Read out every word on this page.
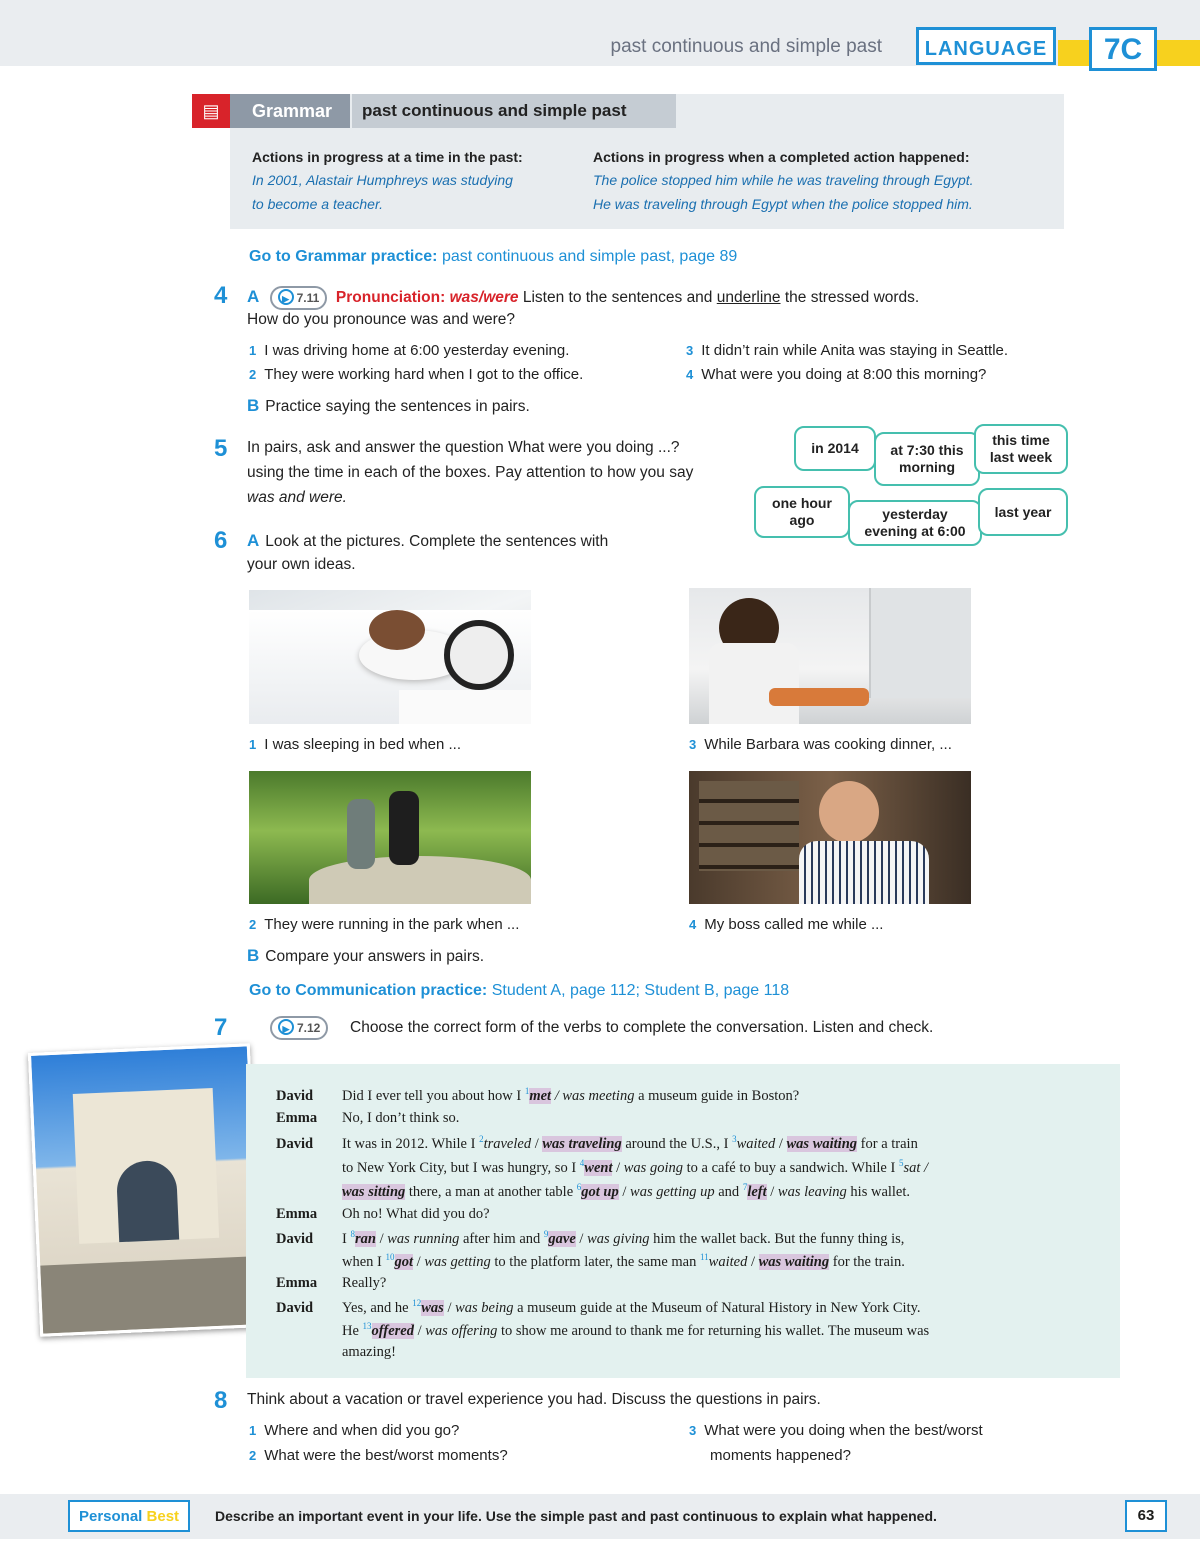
past continuous and simple past	LANGUAGE	7C
▤	Grammar	past continuous and simple past
Actions in progress at a time in the past:
In 2001, Alastair Humphreys was studying
to become a teacher.
Actions in progress when a completed action happened:
The police stopped him while he was traveling through Egypt.
He was traveling through Egypt when the police stopped him.
Go to Grammar practice: past continuous and simple past, page 89
4 A	▶ 7.11 Pronunciation: was/were Listen to the sentences and underline the stressed words.
How do you pronounce was and were?
1 I was driving home at 6:00 yesterday evening.
2 They were working hard when I got to the office.
3 It didn’t rain while Anita was staying in Seattle.
4 What were you doing at 8:00 this morning?
B Practice saying the sentences in pairs.
5 In pairs, ask and answer the question What were you doing ...?
using the time in each of the boxes. Pay attention to how you say
was and were.
in 2014 at 7:30 this
morning
this time
last week
one hour
ago	yesterday
evening at 6:00
last year
6 A Look at the pictures. Complete the sentences with
your own ideas.
1 I was sleeping in bed when ...
2 They were running in the park when ...
3 While Barbara was cooking dinner, ...
4 My boss called me while ...
B Compare your answers in pairs.
Go to Communication practice: Student A, page 112; Student B, page 118
7	▶ 7.12	Choose the correct form of the verbs to complete the conversation. Listen and check.
David Did I ever tell you about how I $^1$met / was meeting a museum guide in Boston?
Emma No, I don’t think so.
David It was in 2012. While I $^2$traveled / was traveling around the U.S., I $^3$waited / was waiting for a train
to New York City, but I was hungry, so I $^4$went / was going to a café to buy a sandwich. While I $^5$sat /
was sitting there, a man at another table $^6$got up / was getting up and $^7$left / was leaving his wallet.
Emma Oh no! What did you do?
David I $^8$ran / was running after him and $^9$gave / was giving him the wallet back. But the funny thing is,
when I $^{10}$got / was getting to the platform later, the same man $^{11}$waited / was waiting for the train.
Emma Really?
David Yes, and he $^{12}$was / was being a museum guide at the Museum of Natural History in New York City.
He $^{13}$offered / was offering to show me around to thank me for returning his wallet. The museum was
amazing!
8 Think about a vacation or travel experience you had. Discuss the questions in pairs.
1 Where and when did you go?
2 What were the best/worst moments?
3 What were you doing when the best/worst
moments happened?
Personal Best	Describe an important event in your life. Use the simple past and past continuous to explain what happened.	63
